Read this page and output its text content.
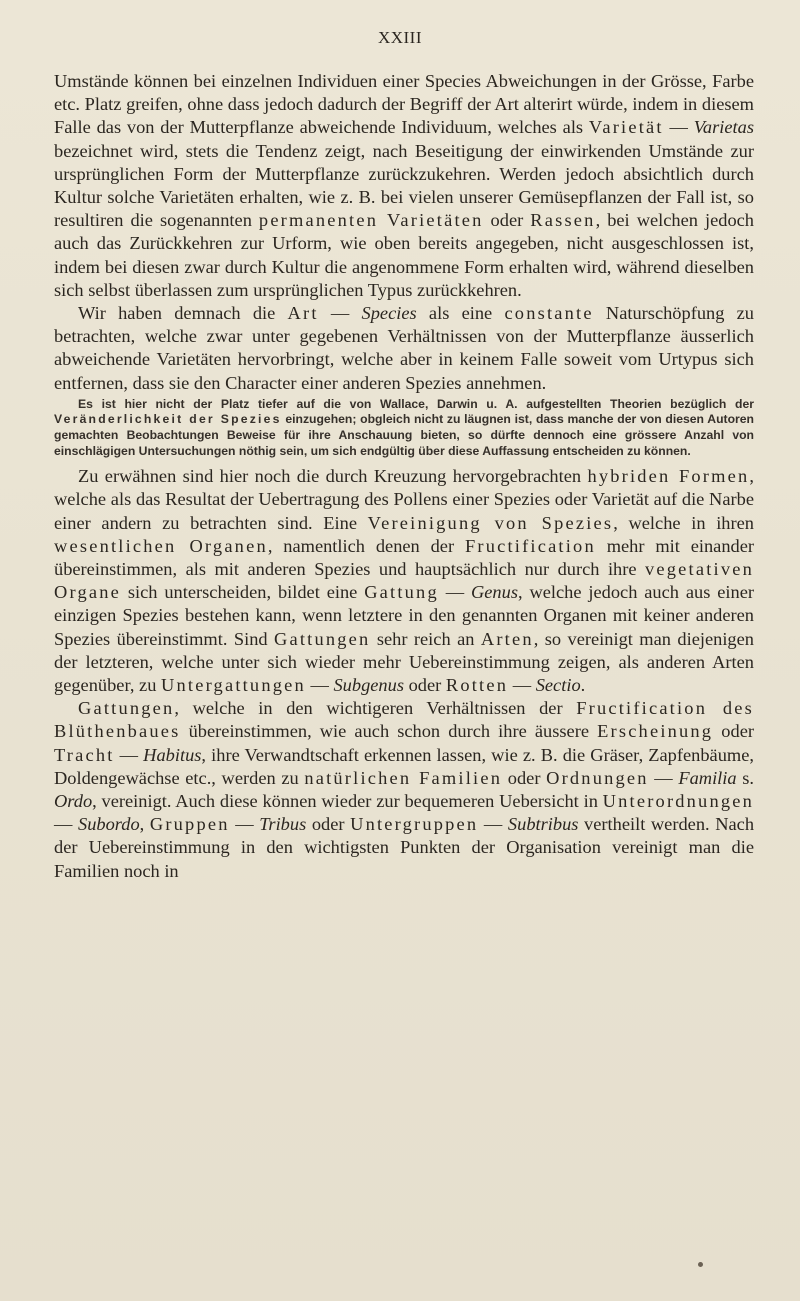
XXIII

Umstände können bei einzelnen Individuen einer Species Abweichungen in der Grösse, Farbe etc. Platz greifen, ohne dass jedoch dadurch der Begriff der Art alterirt würde, indem in diesem Falle das von der Mutterpflanze abweichende Individuum, welches als Varietät — Varietas bezeichnet wird, stets die Tendenz zeigt, nach Beseitigung der einwirkenden Umstände zur ursprünglichen Form der Mutterpflanze zurückzukehren. Werden jedoch absichtlich durch Kultur solche Varietäten erhalten, wie z. B. bei vielen unserer Gemüsepflanzen der Fall ist, so resultiren die sogenannten permanenten Varietäten oder Rassen, bei welchen jedoch auch das Zurückkehren zur Urform, wie oben bereits angegeben, nicht ausgeschlossen ist, indem bei diesen zwar durch Kultur die angenommene Form erhalten wird, während dieselben sich selbst überlassen zum ursprünglichen Typus zurückkehren.

Wir haben demnach die Art — Species als eine constante Naturschöpfung zu betrachten, welche zwar unter gegebenen Verhältnissen von der Mutterpflanze äusserlich abweichende Varietäten hervorbringt, welche aber in keinem Falle soweit vom Urtypus sich entfernen, dass sie den Character einer anderen Spezies annehmen.

Es ist hier nicht der Platz tiefer auf die von Wallace, Darwin u. A. aufgestellten Theorien bezüglich der Veränderlichkeit der Spezies einzugehen; obgleich nicht zu läugnen ist, dass manche der von diesen Autoren gemachten Beobachtungen Beweise für ihre Anschauung bieten, so dürfte dennoch eine grössere Anzahl von einschlägigen Untersuchungen nöthig sein, um sich endgültig über diese Auffassung entscheiden zu können.

Zu erwähnen sind hier noch die durch Kreuzung hervorgebrachten hybriden Formen, welche als das Resultat der Uebertragung des Pollens einer Spezies oder Varietät auf die Narbe einer andern zu betrachten sind. Eine Vereinigung von Spezies, welche in ihren wesentlichen Organen, namentlich denen der Fructification mehr mit einander übereinstimmen, als mit anderen Spezies und hauptsächlich nur durch ihre vegetativen Organe sich unterscheiden, bildet eine Gattung — Genus, welche jedoch auch aus einer einzigen Spezies bestehen kann, wenn letztere in den genannten Organen mit keiner anderen Spezies übereinstimmt. Sind Gattungen sehr reich an Arten, so vereinigt man diejenigen der letzteren, welche unter sich wieder mehr Uebereinstimmung zeigen, als anderen Arten gegenüber, zu Untergattungen — Subgenus oder Rotten — Sectio.

Gattungen, welche in den wichtigeren Verhältnissen der Fructification des Blüthenbaues übereinstimmen, wie auch schon durch ihre äussere Erscheinung oder Tracht — Habitus, ihre Verwandtschaft erkennen lassen, wie z. B. die Gräser, Zapfenbäume, Doldengewächse etc., werden zu natürlichen Familien oder Ordnungen — Familia s. Ordo, vereinigt. Auch diese können wieder zur bequemeren Uebersicht in Unterordnungen — Subordo, Gruppen — Tribus oder Untergruppen — Subtribus vertheilt werden. Nach der Uebereinstimmung in den wichtigsten Punkten der Organisation vereinigt man die Familien noch in
